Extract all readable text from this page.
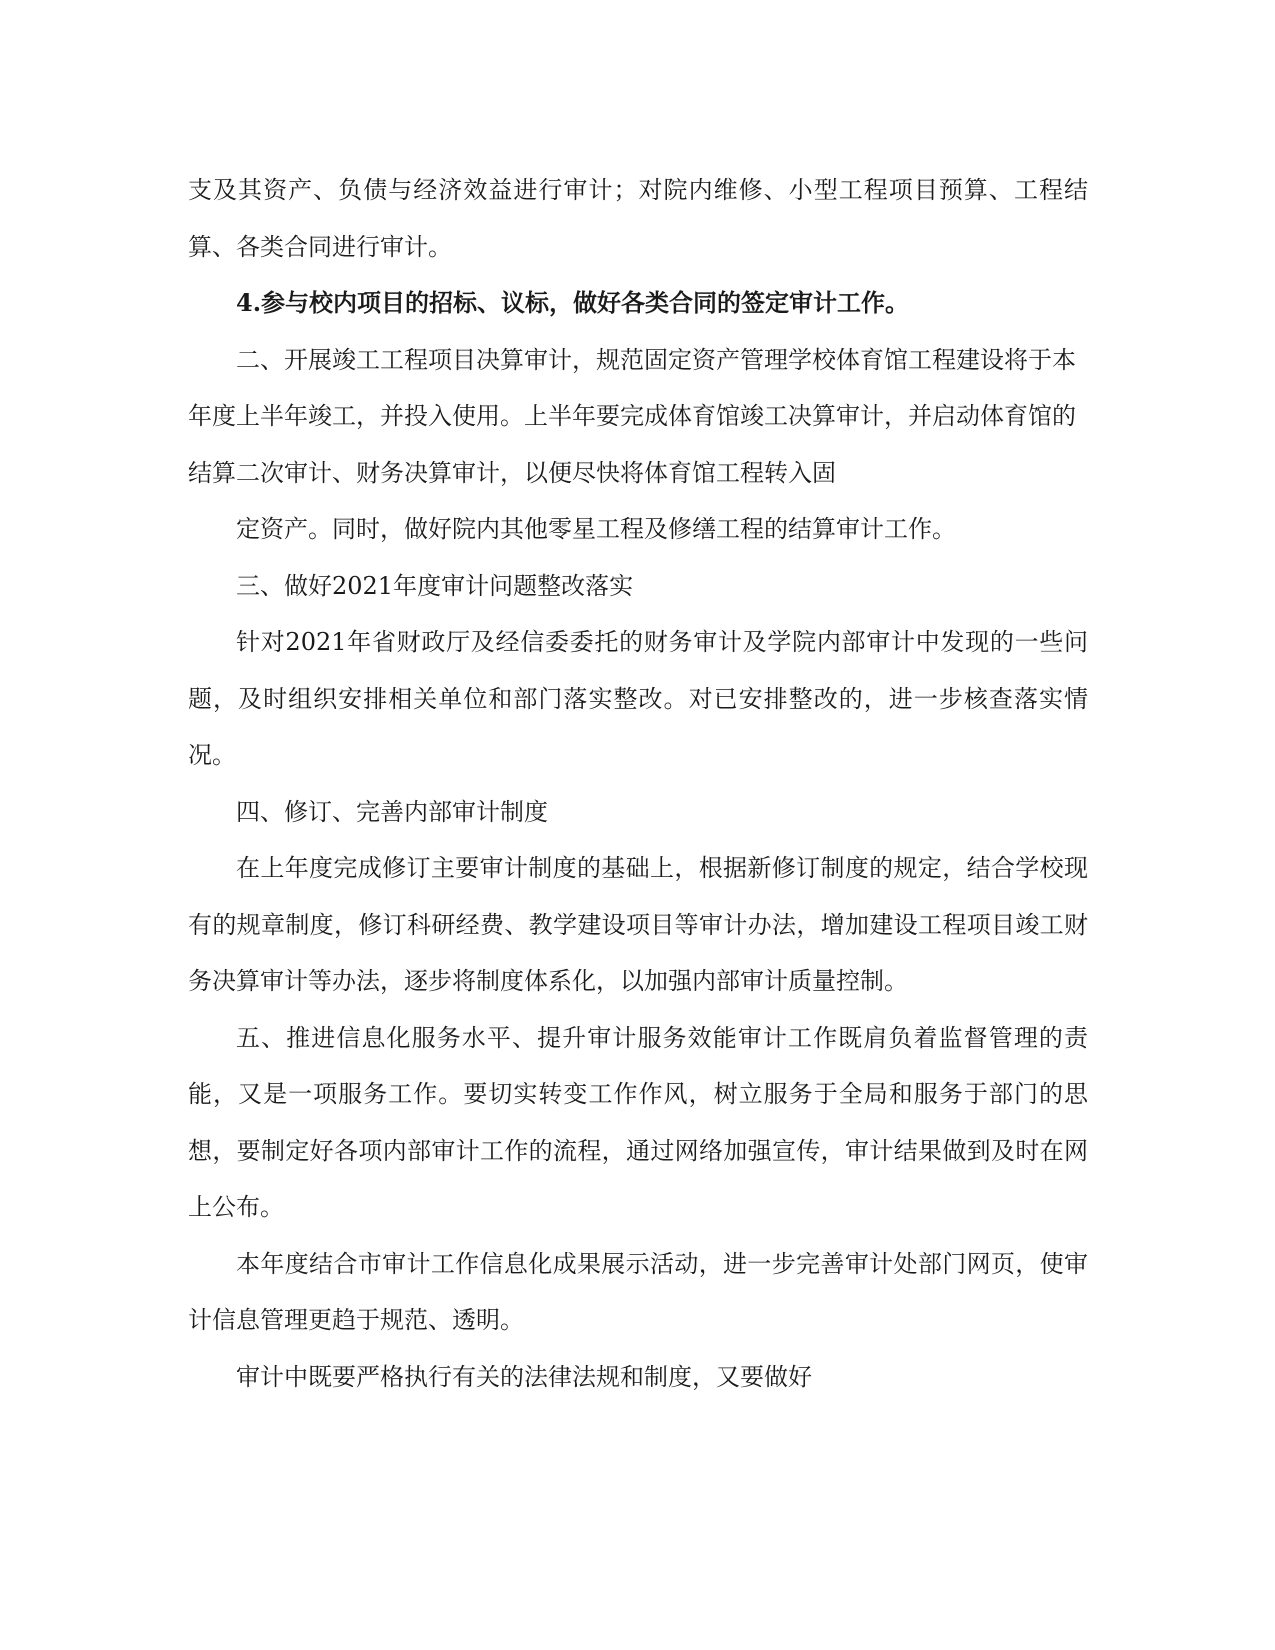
支及其资产、负债与经济效益进行审计；对院内维修、小型工程项目预算、工程结算、各类合同进行审计。

4.参与校内项目的招标、议标，做好各类合同的签定审计工作。

二、开展竣工工程项目决算审计，规范固定资产管理学校体育馆工程建设将于本年度上半年竣工，并投入使用。上半年要完成体育馆竣工决算审计，并启动体育馆的结算二次审计、财务决算审计，以便尽快将体育馆工程转入固

定资产。同时，做好院内其他零星工程及修缮工程的结算审计工作。

三、做好2021年度审计问题整改落实

针对2021年省财政厅及经信委委托的财务审计及学院内部审计中发现的一些问题，及时组织安排相关单位和部门落实整改。对已安排整改的，进一步核查落实情况。

四、修订、完善内部审计制度

在上年度完成修订主要审计制度的基础上，根据新修订制度的规定，结合学校现有的规章制度，修订科研经费、教学建设项目等审计办法，增加建设工程项目竣工财务决算审计等办法，逐步将制度体系化，以加强内部审计质量控制。

五、推进信息化服务水平、提升审计服务效能审计工作既肩负着监督管理的责能，又是一项服务工作。要切实转变工作作风，树立服务于全局和服务于部门的思想，要制定好各项内部审计工作的流程，通过网络加强宣传，审计结果做到及时在网上公布。

本年度结合市审计工作信息化成果展示活动，进一步完善审计处部门网页，使审计信息管理更趋于规范、透明。

审计中既要严格执行有关的法律法规和制度，又要做好
